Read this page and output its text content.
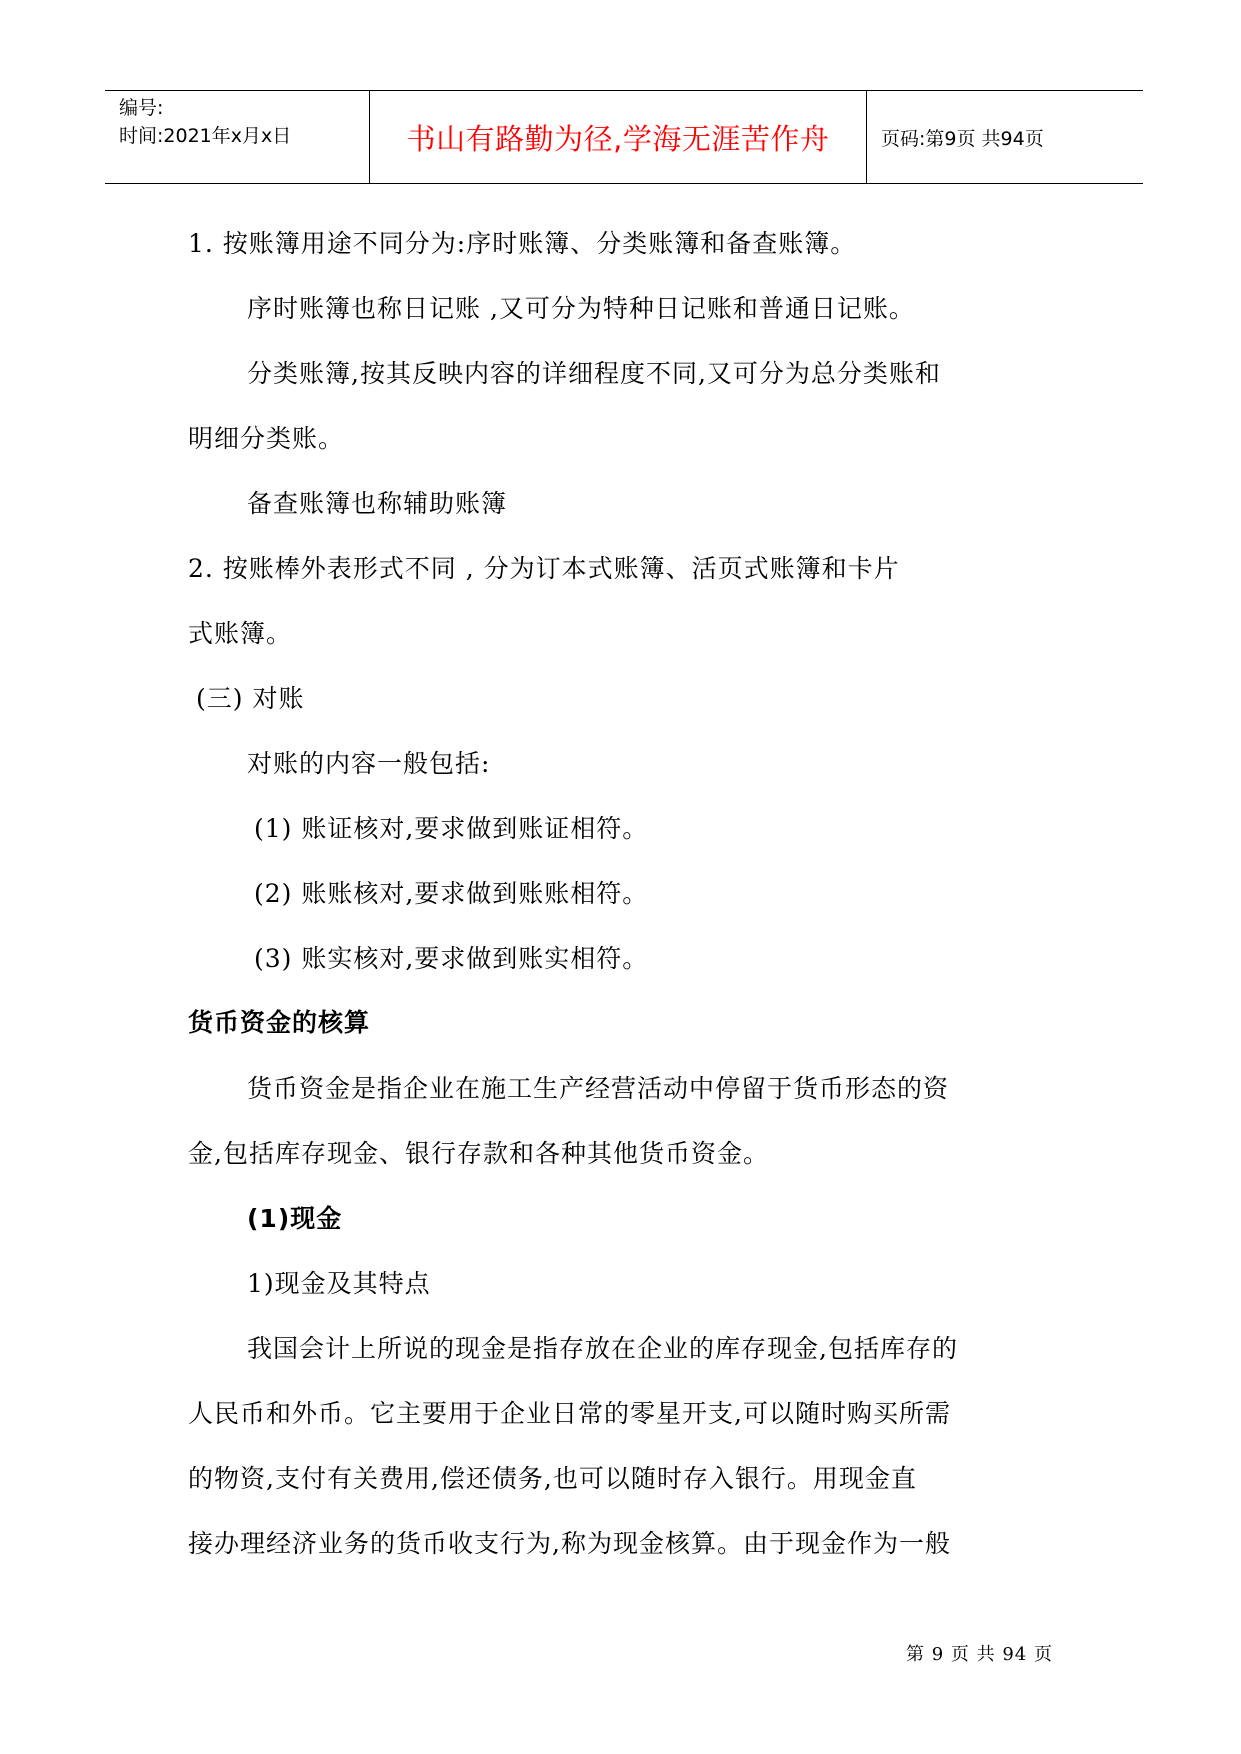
编号:
时间:2021年x月x日	书山有路勤为径,学海无涯苦作舟	页码:第9页 共94页
1. 按账簿用途不同分为:序时账簿、分类账簿和备查账簿。
序时账簿也称日记账 ,又可分为特种日记账和普通日记账。
分类账簿,按其反映内容的详细程度不同,又可分为总分类账和
明细分类账。
备查账簿也称辅助账簿
2. 按账棒外表形式不同 , 分为订本式账簿、活页式账簿和卡片
式账簿。
(三) 对账
对账的内容一般包括:
(1) 账证核对,要求做到账证相符。
(2) 账账核对,要求做到账账相符。
(3) 账实核对,要求做到账实相符。
货币资金的核算
货币资金是指企业在施工生产经营活动中停留于货币形态的资
金,包括库存现金、银行存款和各种其他货币资金。
(1)现金
1)现金及其特点
我国会计上所说的现金是指存放在企业的库存现金,包括库存的
人民币和外币。它主要用于企业日常的零星开支,可以随时购买所需
的物资,支付有关费用,偿还债务,也可以随时存入银行。用现金直
接办理经济业务的货币收支行为,称为现金核算。由于现金作为一般
第 9 页 共 94 页
